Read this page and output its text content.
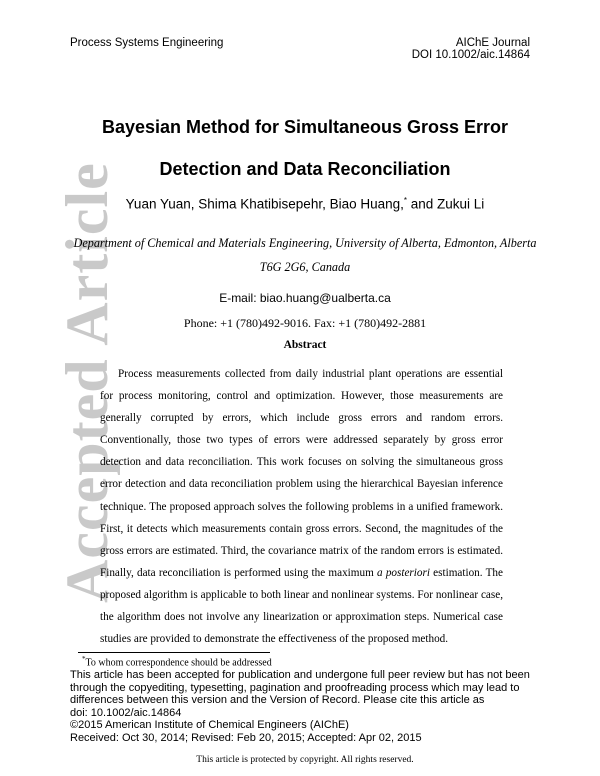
Accepted Article
Process Systems Engineering	AIChE Journal
DOI 10.1002/aic.14864
Bayesian Method for Simultaneous Gross Error
Detection and Data Reconciliation
Yuan Yuan, Shima Khatibisepehr, Biao Huang,* and Zukui Li
Department of Chemical and Materials Engineering, University of Alberta, Edmonton, Alberta
T6G 2G6, Canada
E-mail: biao.huang@ualberta.ca
Phone: +1 (780)492-9016. Fax: +1 (780)492-2881
Abstract

Process measurements collected from daily industrial plant operations are essential for process monitoring, control and optimization. However, those measurements are generally corrupted by errors, which include gross errors and random errors. Conventionally, those two types of errors were addressed separately by gross error detection and data reconciliation. This work focuses on solving the simultaneous gross error detection and data reconciliation problem using the hierarchical Bayesian inference technique. The proposed approach solves the following problems in a unified framework. First, it detects which measurements contain gross errors. Second, the magnitudes of the gross errors are estimated. Third, the covariance matrix of the random errors is estimated. Finally, data reconciliation is performed using the maximum a posteriori estimation. The proposed algorithm is applicable to both linear and nonlinear systems. For nonlinear case, the algorithm does not involve any linearization or approximation steps. Numerical case studies are provided to demonstrate the effectiveness of the proposed method.

*To whom correspondence should be addressed
This article has been accepted for publication and undergone full peer review but has not been
through the copyediting, typesetting, pagination and proofreading process which may lead to
differences between this version and the Version of Record. Please cite this article as
doi: 10.1002/aic.14864
©2015 American Institute of Chemical Engineers (AIChE)
Received: Oct 30, 2014; Revised: Feb 20, 2015; Accepted: Apr 02, 2015
This article is protected by copyright. All rights reserved.
